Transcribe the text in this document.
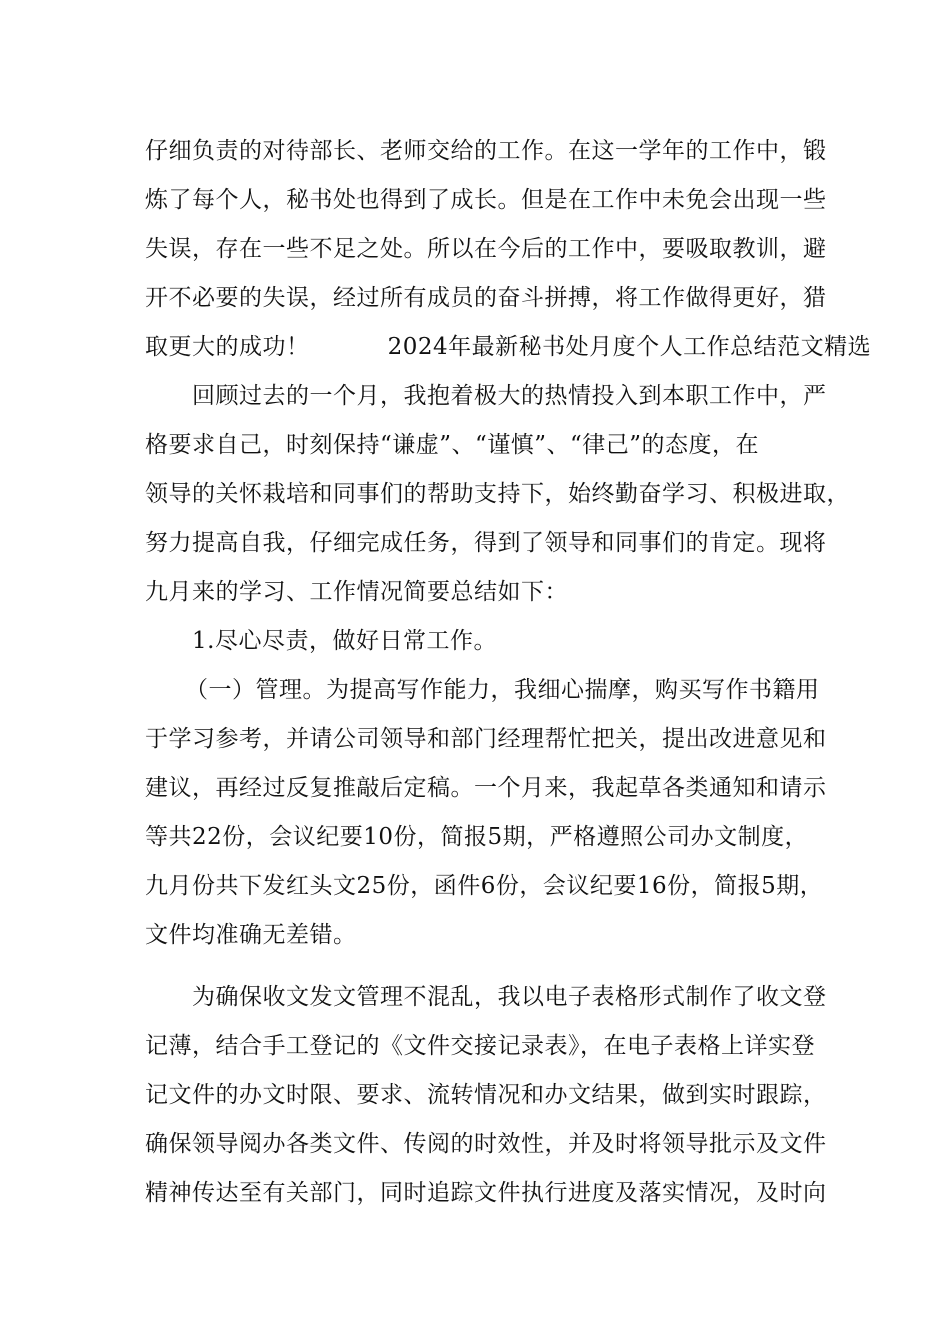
仔细负责的对待部长、老师交给的工作。在这一学年的工作中，锻

炼了每个人，秘书处也得到了成长。但是在工作中未免会出现一些

失误，存在一些不足之处。所以在今后的工作中，要吸取教训，避

开不必要的失误，经过所有成员的奋斗拼搏，将工作做得更好，猎

取更大的成功！          2024年最新秘书处月度个人工作总结范文精选

回顾过去的一个月，我抱着极大的热情投入到本职工作中，严

格要求自己，时刻保持“谦虚”、“谨慎”、“律己”的态度，在

领导的关怀栽培和同事们的帮助支持下，始终勤奋学习、积极进取，

努力提高自我，仔细完成任务，得到了领导和同事们的肯定。现将

九月来的学习、工作情况简要总结如下：

1.尽心尽责，做好日常工作。

（一）管理。为提高写作能力，我细心揣摩，购买写作书籍用

于学习参考，并请公司领导和部门经理帮忙把关，提出改进意见和

建议，再经过反复推敲后定稿。一个月来，我起草各类通知和请示

等共22份，会议纪要10份，简报5期，严格遵照公司办文制度，

九月份共下发红头文25份，函件6份，会议纪要16份，简报5期，

文件均准确无差错。

为确保收文发文管理不混乱，我以电子表格形式制作了收文登

记薄，结合手工登记的《文件交接记录表》，在电子表格上详实登

记文件的办文时限、要求、流转情况和办文结果，做到实时跟踪，

确保领导阅办各类文件、传阅的时效性，并及时将领导批示及文件

精神传达至有关部门，同时追踪文件执行进度及落实情况，及时向
